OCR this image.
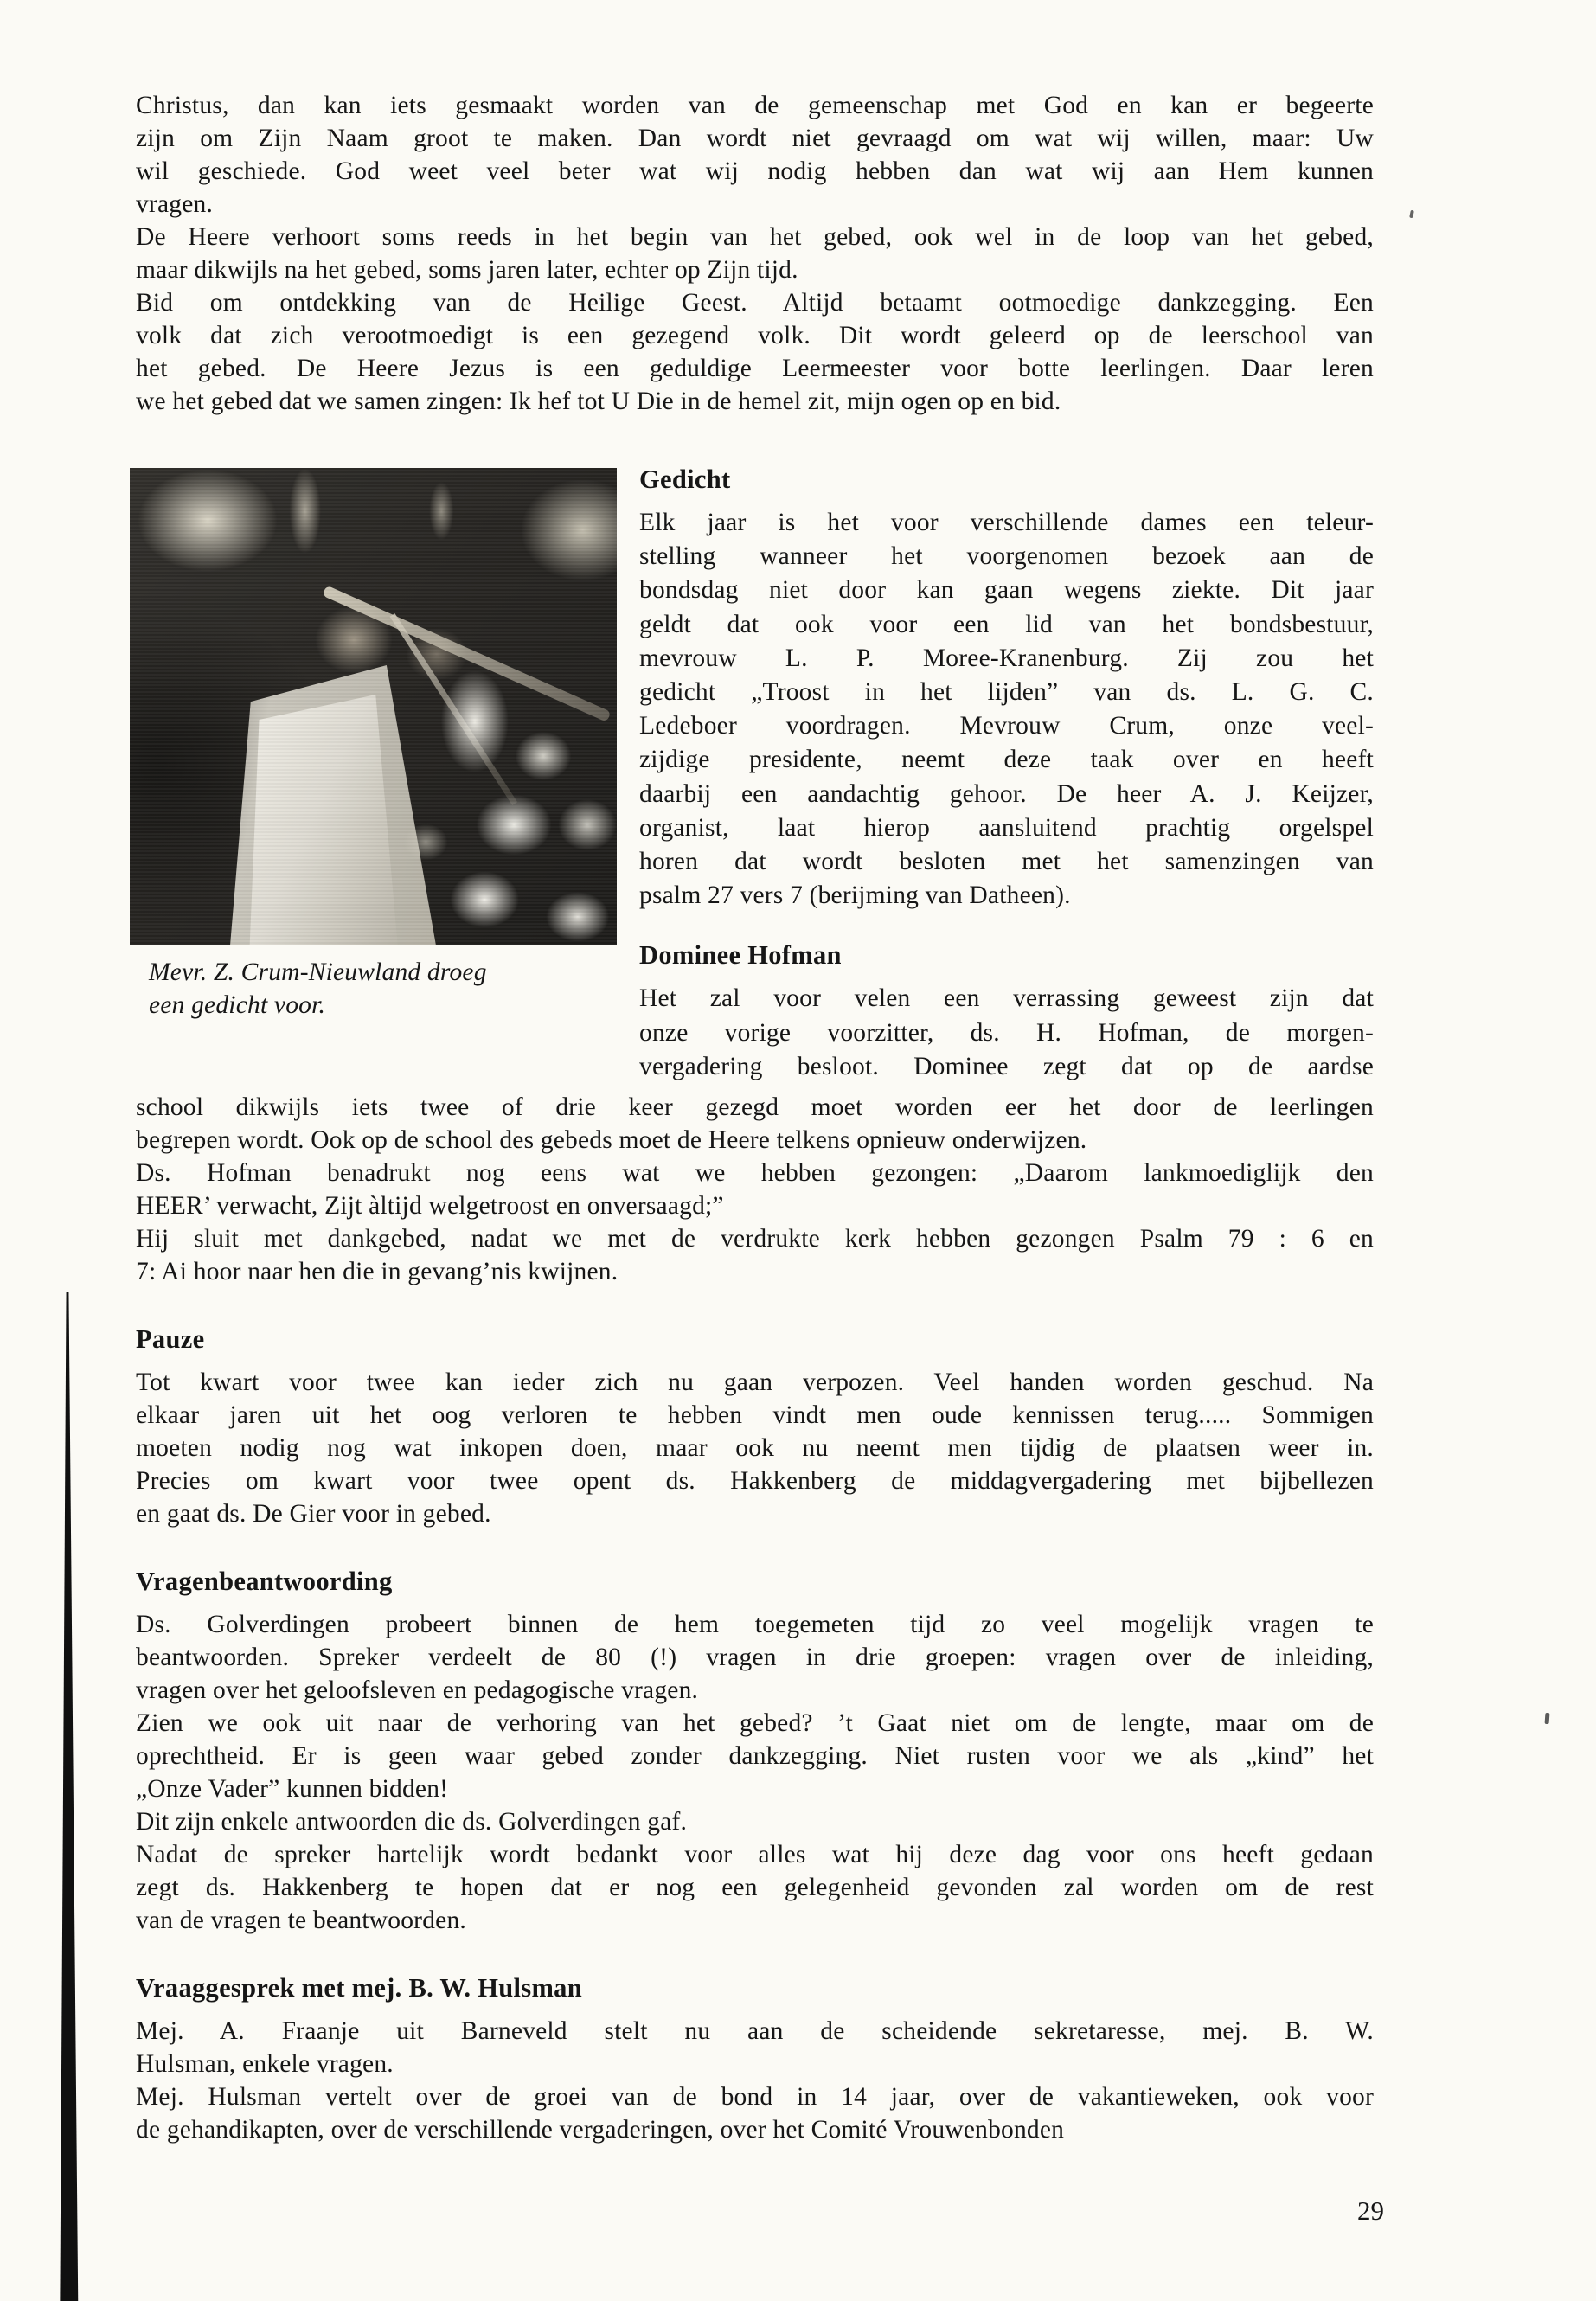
Christus, dan kan iets gesmaakt worden van de gemeenschap met God en kan er begeerte
zijn om Zijn Naam groot te maken. Dan wordt niet gevraagd om wat wij willen, maar: Uw
wil geschiede. God weet veel beter wat wij nodig hebben dan wat wij aan Hem kunnen
vragen.
De Heere verhoort soms reeds in het begin van het gebed, ook wel in de loop van het gebed,
maar dikwijls na het gebed, soms jaren later, echter op Zijn tijd.
Bid om ontdekking van de Heilige Geest. Altijd betaamt ootmoedige dankzegging. Een
volk dat zich verootmoedigt is een gezegend volk. Dit wordt geleerd op de leerschool van
het gebed. De Heere Jezus is een geduldige Leermeester voor botte leerlingen. Daar leren
we het gebed dat we samen zingen: Ik hef tot U Die in de hemel zit, mijn ogen op en bid.
Mevr. Z. Crum-Nieuwland droeg
een gedicht voor.
Gedicht
Elk jaar is het voor verschillende dames een teleur-
stelling wanneer het voorgenomen bezoek aan de
bondsdag niet door kan gaan wegens ziekte. Dit jaar
geldt dat ook voor een lid van het bondsbestuur,
mevrouw L. P. Moree-Kranenburg. Zij zou het
gedicht „Troost in het lijden” van ds. L. G. C.
Ledeboer voordragen. Mevrouw Crum, onze veel-
zijdige presidente, neemt deze taak over en heeft
daarbij een aandachtig gehoor. De heer A. J. Keijzer,
organist, laat hierop aansluitend prachtig orgelspel
horen dat wordt besloten met het samenzingen van
psalm 27 vers 7 (berijming van Datheen).
Dominee Hofman
Het zal voor velen een verrassing geweest zijn dat
onze vorige voorzitter, ds. H. Hofman, de morgen-
vergadering besloot. Dominee zegt dat op de aardse
school dikwijls iets twee of drie keer gezegd moet worden eer het door de leerlingen
begrepen wordt. Ook op de school des gebeds moet de Heere telkens opnieuw onderwijzen.
Ds. Hofman benadrukt nog eens wat we hebben gezongen: „Daarom lankmoediglijk den
HEER’ verwacht, Zijt àltijd welgetroost en onversaagd;”
Hij sluit met dankgebed, nadat we met de verdrukte kerk hebben gezongen Psalm 79 : 6 en
7: Ai hoor naar hen die in gevang’nis kwijnen.
Pauze
Tot kwart voor twee kan ieder zich nu gaan verpozen. Veel handen worden geschud. Na
elkaar jaren uit het oog verloren te hebben vindt men oude kennissen terug..... Sommigen
moeten nodig nog wat inkopen doen, maar ook nu neemt men tijdig de plaatsen weer in.
Precies om kwart voor twee opent ds. Hakkenberg de middagvergadering met bijbellezen
en gaat ds. De Gier voor in gebed.
Vragenbeantwoording
Ds. Golverdingen probeert binnen de hem toegemeten tijd zo veel mogelijk vragen te
beantwoorden. Spreker verdeelt de 80 (!) vragen in drie groepen: vragen over de inleiding,
vragen over het geloofsleven en pedagogische vragen.
Zien we ook uit naar de verhoring van het gebed? ’t Gaat niet om de lengte, maar om de
oprechtheid. Er is geen waar gebed zonder dankzegging. Niet rusten voor we als „kind” het
„Onze Vader” kunnen bidden!
Dit zijn enkele antwoorden die ds. Golverdingen gaf.
Nadat de spreker hartelijk wordt bedankt voor alles wat hij deze dag voor ons heeft gedaan
zegt ds. Hakkenberg te hopen dat er nog een gelegenheid gevonden zal worden om de rest
van de vragen te beantwoorden.
Vraaggesprek met mej. B. W. Hulsman
Mej. A. Fraanje uit Barneveld stelt nu aan de scheidende sekretaresse, mej. B. W.
Hulsman, enkele vragen.
Mej. Hulsman vertelt over de groei van de bond in 14 jaar, over de vakantieweken, ook voor
de gehandikapten, over de verschillende vergaderingen, over het Comité Vrouwenbonden
29
